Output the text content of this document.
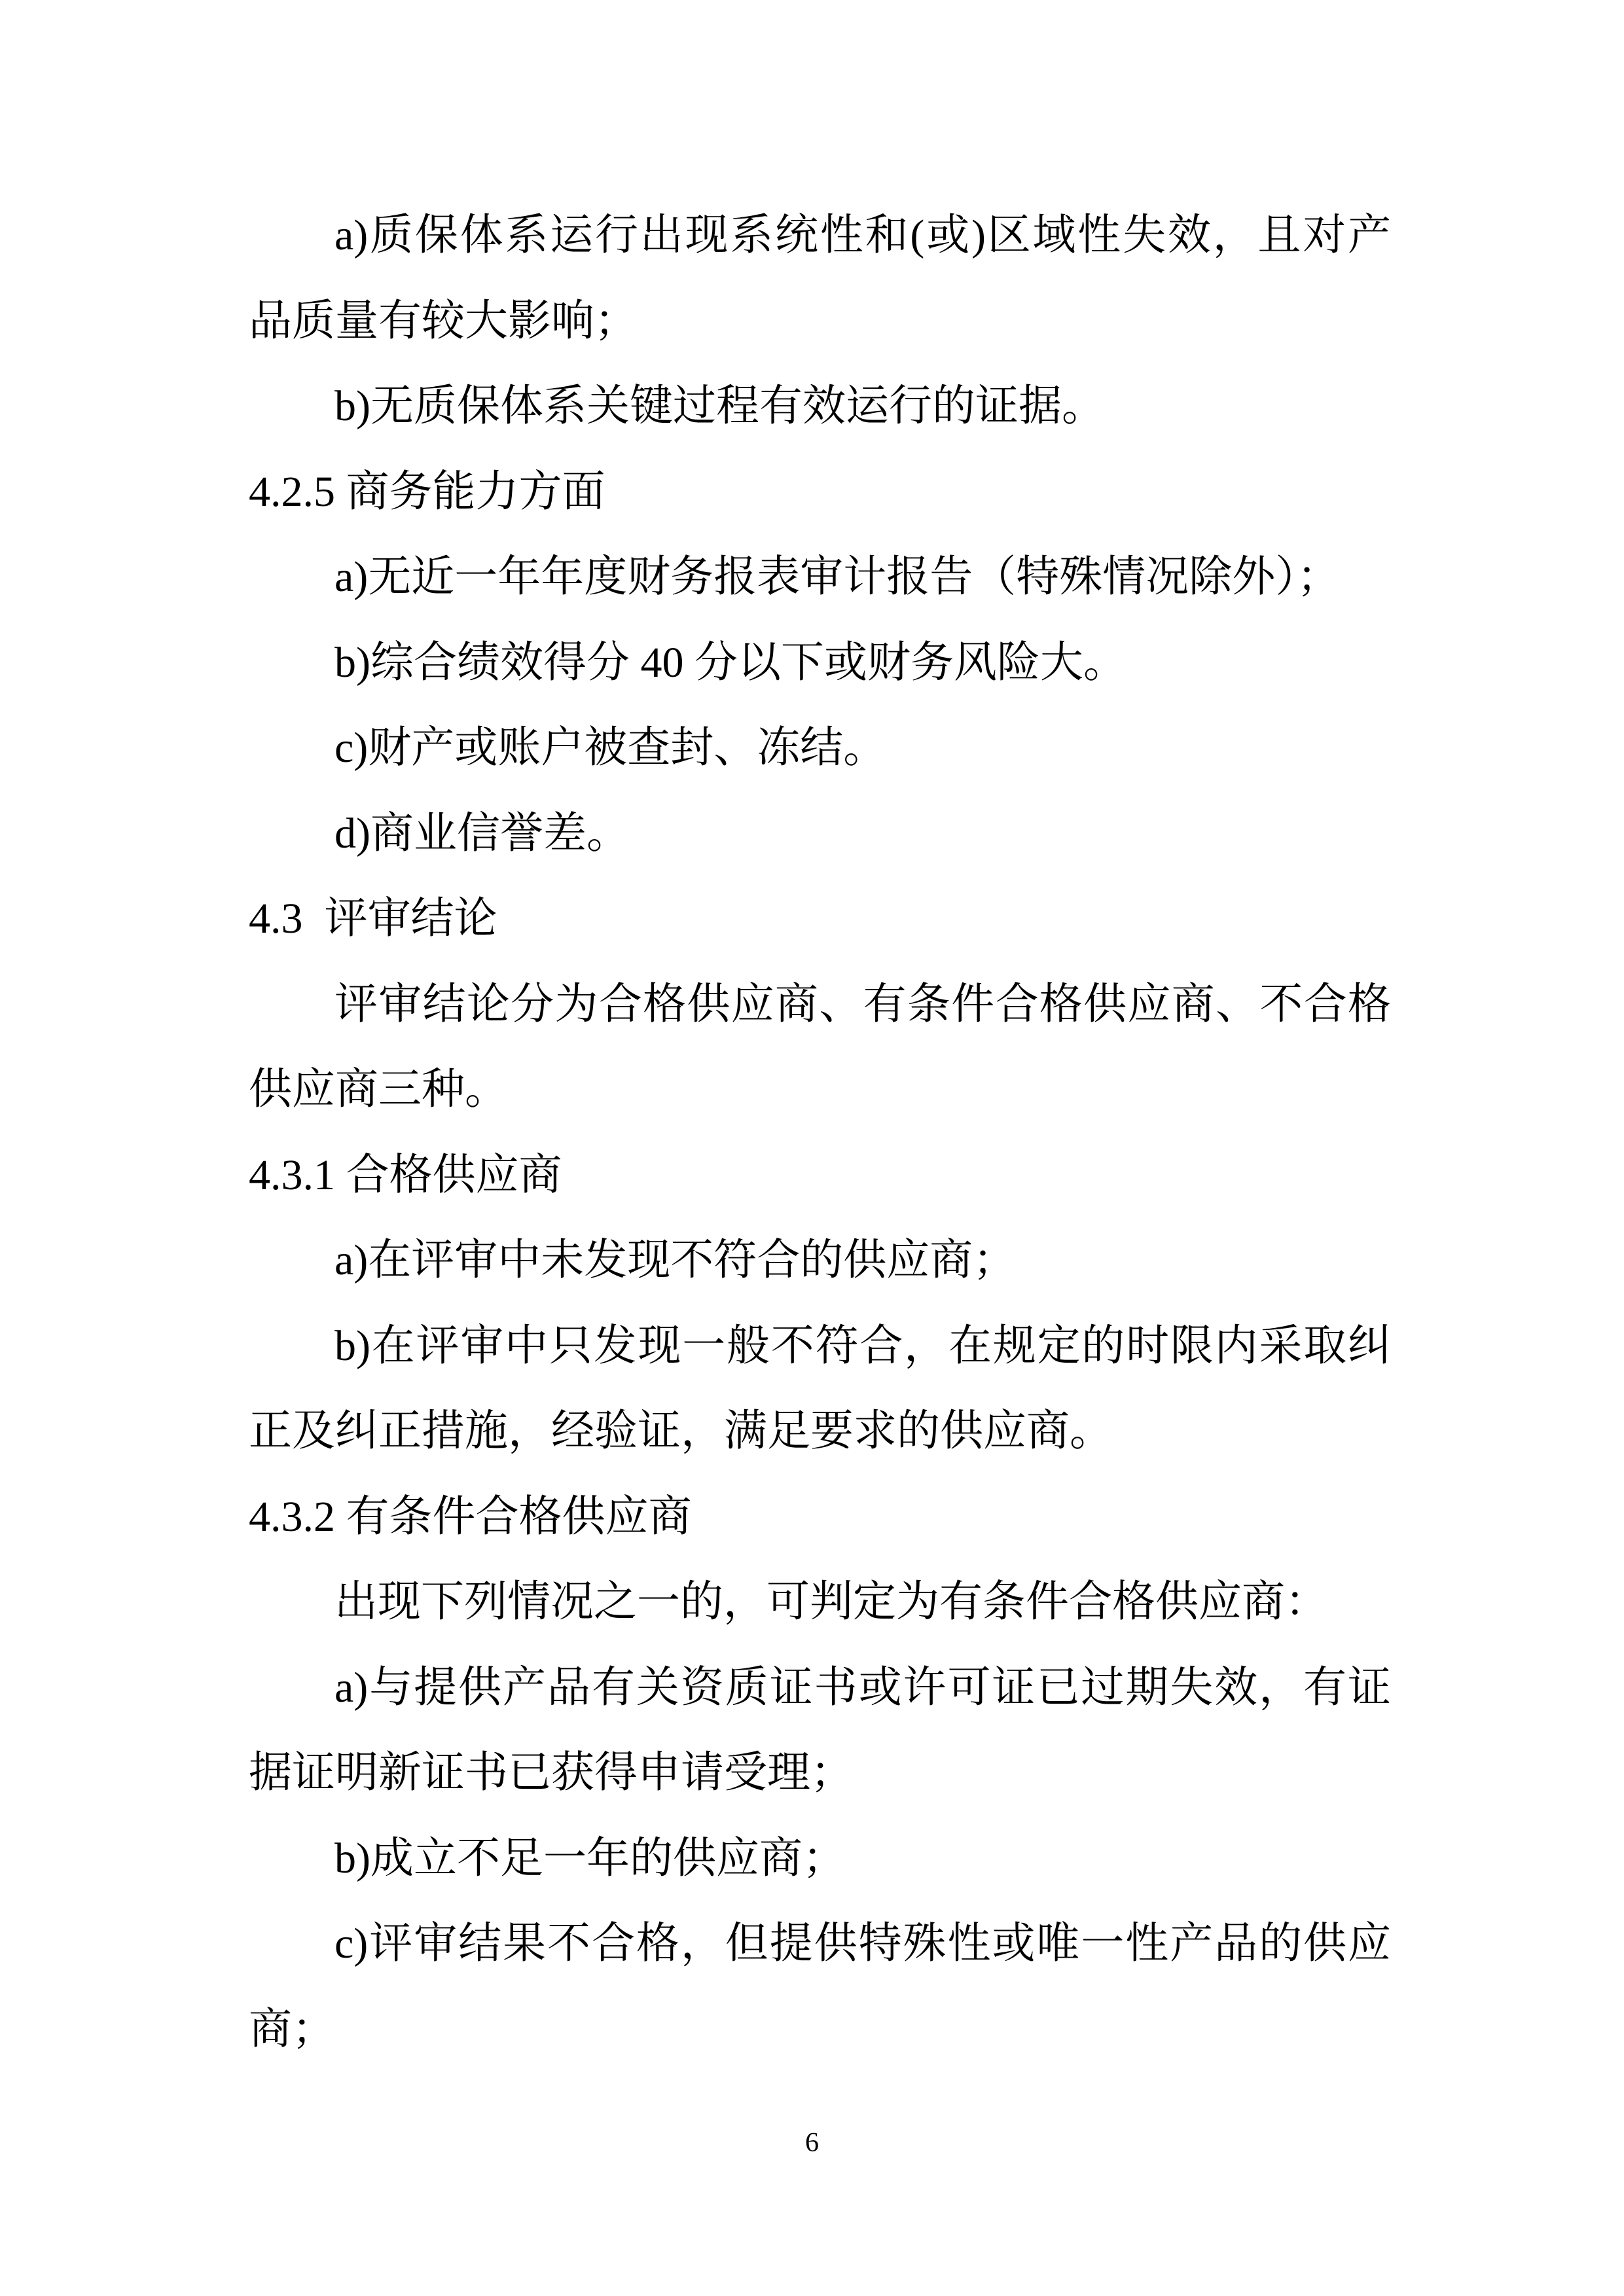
a)质保体系运行出现系统性和(或)区域性失效，且对产
品质量有较大影响；
b)无质保体系关键过程有效运行的证据。
4.2.5 商务能力方面
a)无近一年年度财务报表审计报告（特殊情况除外）；
b)综合绩效得分 40 分以下或财务风险大。
c)财产或账户被查封、冻结。
d)商业信誉差。
4.3  评审结论
评审结论分为合格供应商、有条件合格供应商、不合格
供应商三种。
4.3.1 合格供应商
a)在评审中未发现不符合的供应商；
b)在评审中只发现一般不符合，在规定的时限内采取纠
正及纠正措施，经验证，满足要求的供应商。
4.3.2 有条件合格供应商
出现下列情况之一的，可判定为有条件合格供应商：
a)与提供产品有关资质证书或许可证已过期失效，有证
据证明新证书已获得申请受理；
b)成立不足一年的供应商；
c)评审结果不合格，但提供特殊性或唯一性产品的供应
商；
6
